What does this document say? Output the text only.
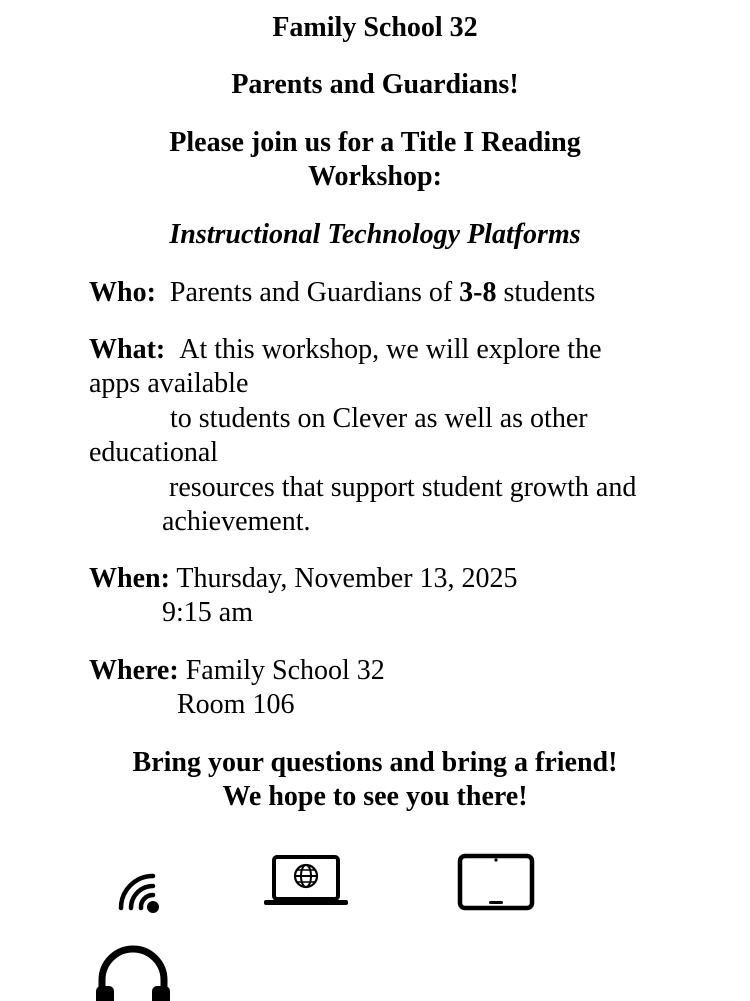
Family School 32
Parents and Guardians!
Please join us for a Title I Reading
Workshop:
Instructional Technology Platforms
Who: Parents and Guardians of 3-8 students
What: At this workshop, we will explore the
apps available
to students on Clever as well as other
educational
resources that support student growth and
achievement.
When: Thursday, November 13, 2025
9:15 am
Where: Family School 32
Room 106
Bring your questions and bring a friend!
We hope to see you there!
